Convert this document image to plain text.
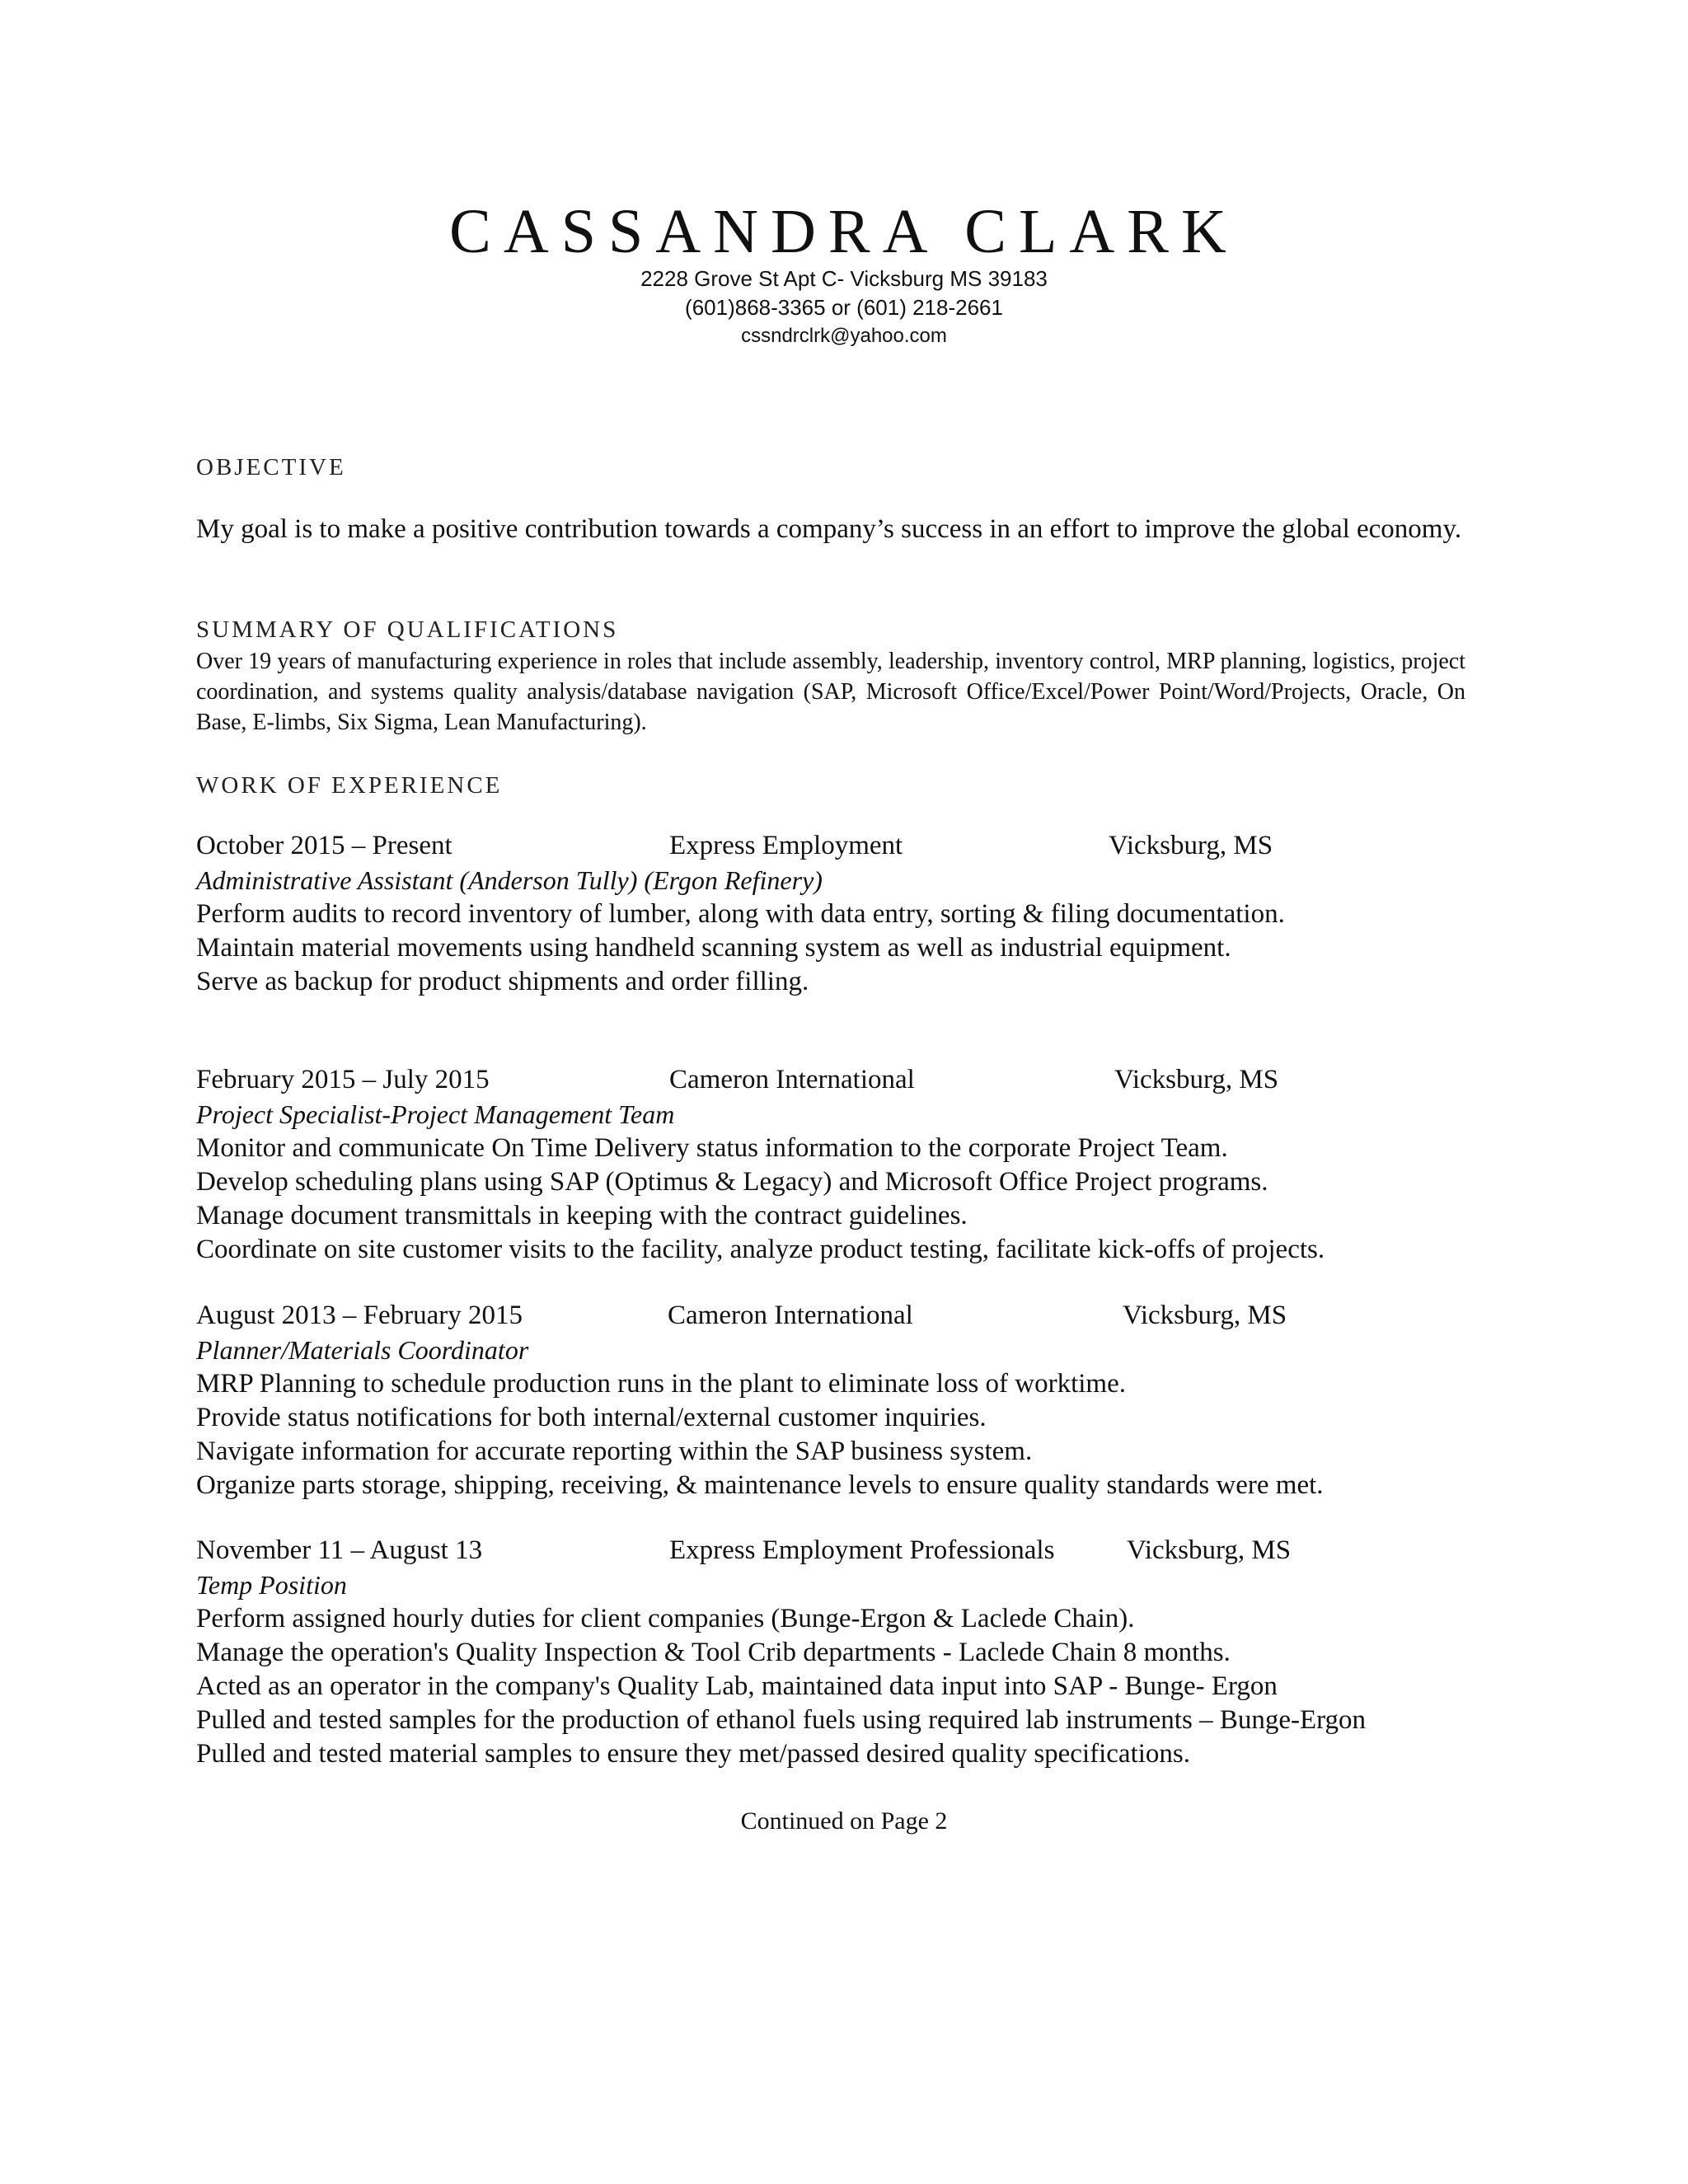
CASSANDRA CLARK
2228 Grove St Apt C- Vicksburg MS 39183
(601)868-3365 or (601) 218-2661
cssndrclrk@yahoo.com
OBJECTIVE
My goal is to make a positive contribution towards a company’s success in an effort to improve the global economy.
SUMMARY OF QUALIFICATIONS
Over 19 years of manufacturing experience in roles that include assembly, leadership, inventory control, MRP planning, logistics, project coordination, and systems quality analysis/database navigation (SAP, Microsoft Office/Excel/Power Point/Word/Projects, Oracle, On Base, E-limbs, Six Sigma, Lean Manufacturing).
WORK OF EXPERIENCE
October 2015 – Present	Express Employment	Vicksburg, MS
Administrative Assistant (Anderson Tully) (Ergon Refinery)
Perform audits to record inventory of lumber, along with data entry, sorting & filing documentation.
Maintain material movements using handheld scanning system as well as industrial equipment.
Serve as backup for product shipments and order filling.
February 2015 – July 2015	Cameron International	Vicksburg, MS
Project Specialist-Project Management Team
Monitor and communicate On Time Delivery status information to the corporate Project Team.
Develop scheduling plans using SAP (Optimus & Legacy) and Microsoft Office Project programs.
Manage document transmittals in keeping with the contract guidelines.
Coordinate on site customer visits to the facility, analyze product testing, facilitate kick-offs of projects.
August 2013 – February 2015	Cameron International	Vicksburg, MS
Planner/Materials Coordinator
MRP Planning to schedule production runs in the plant to eliminate loss of worktime.
Provide status notifications for both internal/external customer inquiries.
Navigate information for accurate reporting within the SAP business system.
Organize parts storage, shipping, receiving, & maintenance levels to ensure quality standards were met.
November 11 – August 13	Express Employment Professionals	Vicksburg, MS
Temp Position
Perform assigned hourly duties for client companies (Bunge-Ergon & Laclede Chain).
Manage the operation's Quality Inspection & Tool Crib departments - Laclede Chain 8 months.
Acted as an operator in the company's Quality Lab, maintained data input into SAP - Bunge- Ergon
Pulled and tested samples for the production of ethanol fuels using required lab instruments – Bunge-Ergon
Pulled and tested material samples to ensure they met/passed desired quality specifications.
Continued on Page 2
